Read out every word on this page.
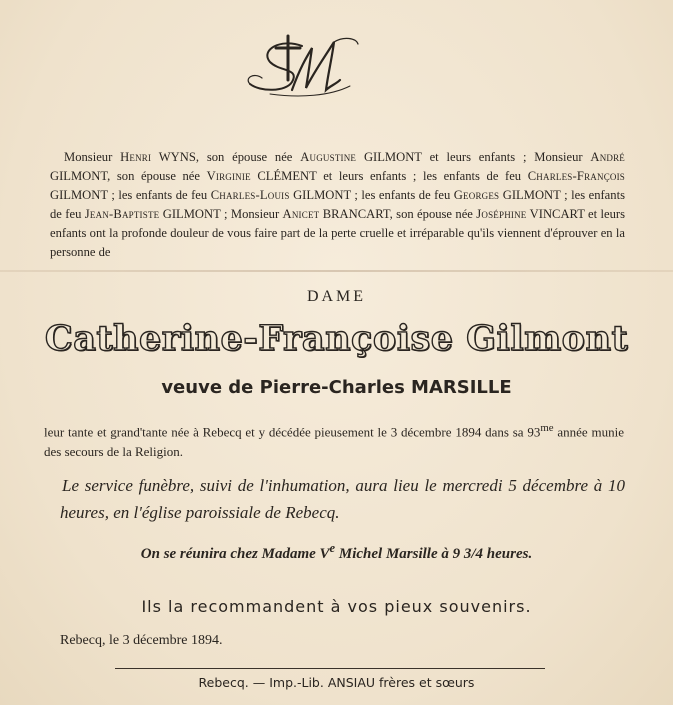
Monsieur Henri WYNS, son épouse née Augustine GILMONT et leurs enfants ; Monsieur André GILMONT, son épouse née Virginie CLÉMENT et leurs enfants ; les enfants de feu Charles-François GILMONT ; les enfants de feu Charles-Louis GILMONT ; les enfants de feu Georges GILMONT ; les enfants de feu Jean-Baptiste GILMONT ; Monsieur Anicet BRANCART, son épouse née Joséphine VINCART et leurs enfants ont la profonde douleur de vous faire part de la perte cruelle et irréparable qu'ils viennent d'éprouver en la personne de
DAME
Catherine-Françoise Gilmont
veuve de Pierre-Charles MARSILLE
leur tante et grand'tante née à Rebecq et y décédée pieusement le 3 décembre 1894 dans sa $93^{me}$ année munie des secours de la Religion.
Le service funèbre, suivi de l'inhumation, aura lieu le mercredi 5 décembre à 10 heures, en l'église paroissiale de Rebecq.
On se réunira chez Madame Ve Michel Marsille à 9 3/4 heures.
Ils la recommandent à vos pieux souvenirs.
Rebecq, le 3 décembre 1894.
Rebecq. — Imp.-Lib. ANSIAU frères et sœurs
